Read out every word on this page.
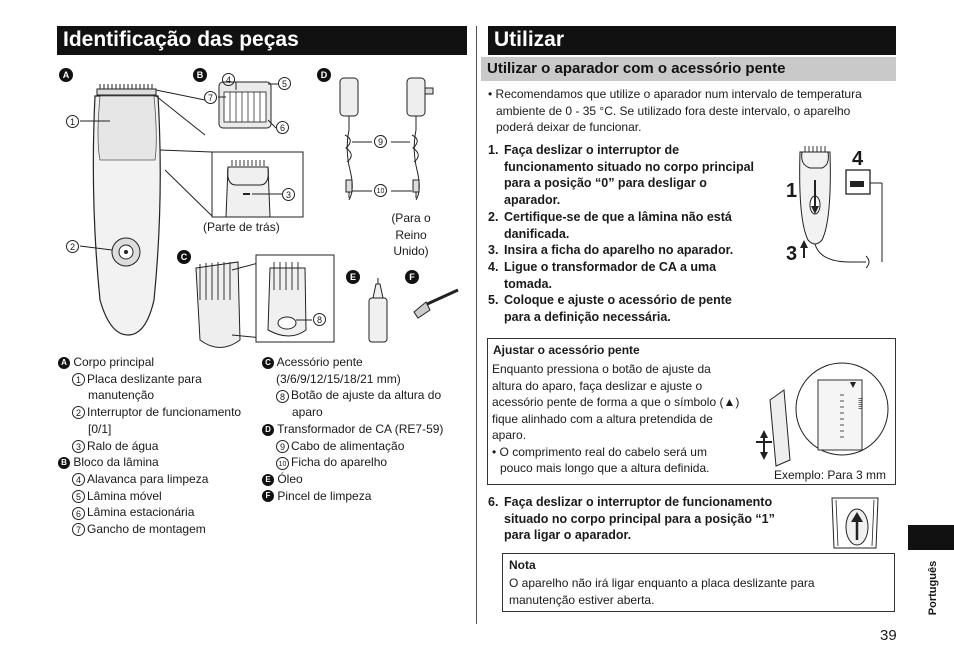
Identificação das peças
A	B
C
D
E	F
1
2
3
4	5
6
7
8
9
10
(Parte de trás)
(Para o Reino Unido)
A Corpo principal
1 Placa deslizante para
manutenção
2 Interruptor de funcionamento
[0/1]
3 Ralo de água
B Bloco da lâmina
4 Alavanca para limpeza
5 Lâmina móvel
6 Lâmina estacionária
7 Gancho de montagem
C Acessório pente
(3/6/9/12/15/18/21 mm)
8 Botão de ajuste da altura do
aparo
D Transformador de CA (RE7-59)
9 Cabo de alimentação
10 Ficha do aparelho
E Óleo
F Pincel de limpeza
Utilizar
Utilizar o aparador com o acessório pente
• Recomendamos que utilize o aparador num intervalo de temperatura
ambiente de 0 - 35 °C. Se utilizado fora deste intervalo, o aparelho
poderá deixar de funcionar.
1. Faça deslizar o interruptor de
funcionamento situado no corpo principal
para a posição “0” para desligar o
aparador.
2. Certifique-se de que a lâmina não está
danificada.
3. Insira a ficha do aparelho no aparador.
4. Ligue o transformador de CA a uma
tomada.
5. Coloque e ajuste o acessório de pente
para a definição necessária.
1
3
4
Ajustar o acessório pente
Enquanto pressiona o botão de ajuste da
altura do aparo, faça deslizar e ajuste o
acessório pente de forma a que o símbolo (▲)
fique alinhado com a altura pretendida de
aparo.
• O comprimento real do cabelo será um
pouco mais longo que a altura definida.
mm
Exemplo: Para 3 mm
6. Faça deslizar o interruptor de funcionamento
situado no corpo principal para a posição “1”
para ligar o aparador.
Nota
O aparelho não irá ligar enquanto a placa deslizante para
manutenção estiver aberta.	Português
39
